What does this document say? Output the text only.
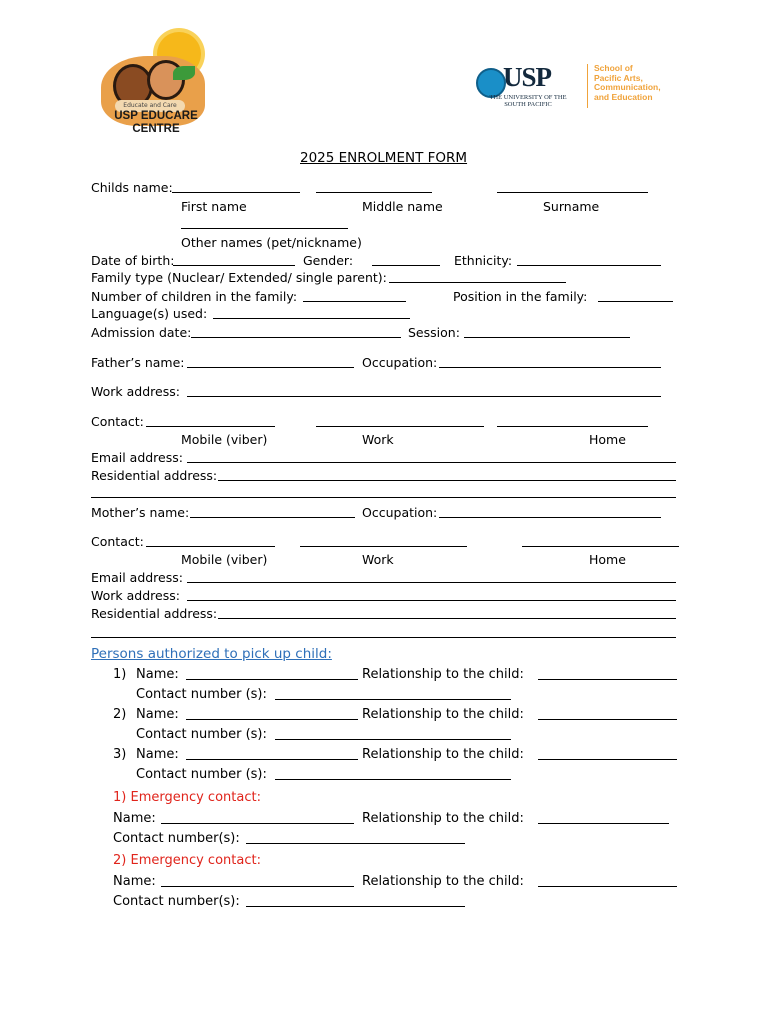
Educate and Care
USP EDUCARE
CENTRE
USP
THE UNIVERSITY OF THE SOUTH PACIFIC
School of
Pacific Arts,
Communication,
and Education
2025 ENROLMENT FORM
Childs name:
First name	Middle name	Surname
Other names (pet/nickname)
Date of birth:	Gender:	Ethnicity:
Family type (Nuclear/ Extended/ single parent):
Number of children in the family:	Position in the family:
Language(s) used:
Admission date:	Session:
Father’s name:	Occupation:
Work address:
Contact:
Mobile (viber)	Work	Home
Email address:
Residential address:
Mother’s name:	Occupation:
Contact:
Mobile (viber)	Work	Home
Email address:
Work address:
Residential address:
Persons authorized to pick up child:
1) Name:	Relationship to the child:
Contact number (s):
2) Name:	Relationship to the child:
Contact number (s):
3) Name:	Relationship to the child:
Contact number (s):
1) Emergency contact:
Name:	Relationship to the child:
Contact number(s):
2) Emergency contact:
Name:	Relationship to the child:
Contact number(s):
